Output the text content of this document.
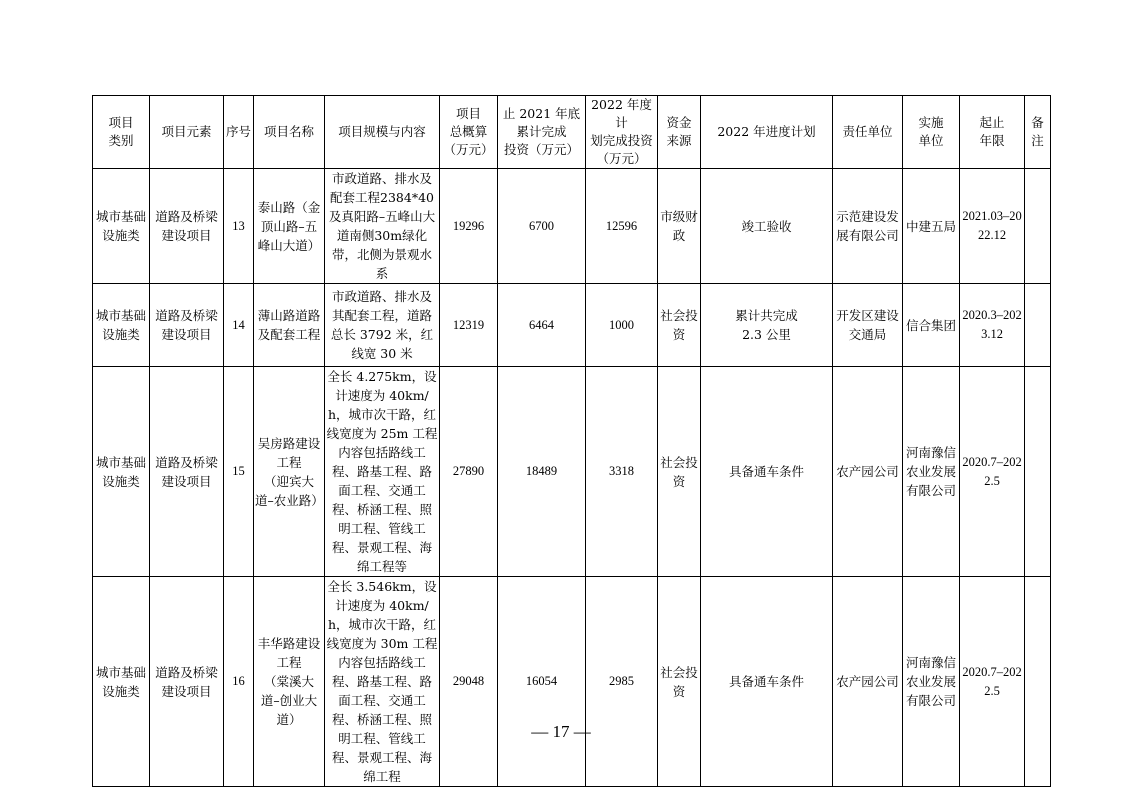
项目
类别	项目元素	序号	项目名称	项目规模与内容	项目
总概算
（万元）	止 2021 年底
累计完成
投资（万元）	2022 年度计
划完成投资
（万元）	资金
来源	2022 年进度计划	责任单位	实施
单位	起止
年限	备
注
城市基础设施类	道路及桥梁建设项目	13	泰山路（金顶山路–五峰山大道）	市政道路、排水及配套工程2384*40及真阳路–五峰山大道南侧30m绿化带，北侧为景观水系	19296	6700	12596	市级财政	竣工验收	示范建设发展有限公司	中建五局	2021.03–2022.12	
城市基础设施类	道路及桥梁建设项目	14	薄山路道路及配套工程	市政道路、排水及其配套工程，道路总长 3792 米，红线宽 30 米	12319	6464	1000	社会投资	累计共完成
2.3 公里	开发区建设交通局	信合集团	2020.3–2023.12	
城市基础设施类	道路及桥梁建设项目	15	吴房路建设工程
（迎宾大道–农业路）	全长 4.275km，设计速度为 40km/h，城市次干路，红线宽度为 25m 工程内容包括路线工程、路基工程、路面工程、交通工程、桥涵工程、照明工程、管线工程、景观工程、海绵工程等	27890	18489	3318	社会投资	具备通车条件	农产园公司	河南豫信农业发展有限公司	2020.7–2022.5	
城市基础设施类	道路及桥梁建设项目	16	丰华路建设工程
（棠溪大道–创业大道）	全长 3.546km，设计速度为 40km/h，城市次干路，红线宽度为 30m 工程内容包括路线工程、路基工程、路面工程、交通工程、桥涵工程、照明工程、管线工程、景观工程、海绵工程	29048	16054	2985	社会投资	具备通车条件	农产园公司	河南豫信农业发展有限公司	2020.7–2022.5	
— 17 —
